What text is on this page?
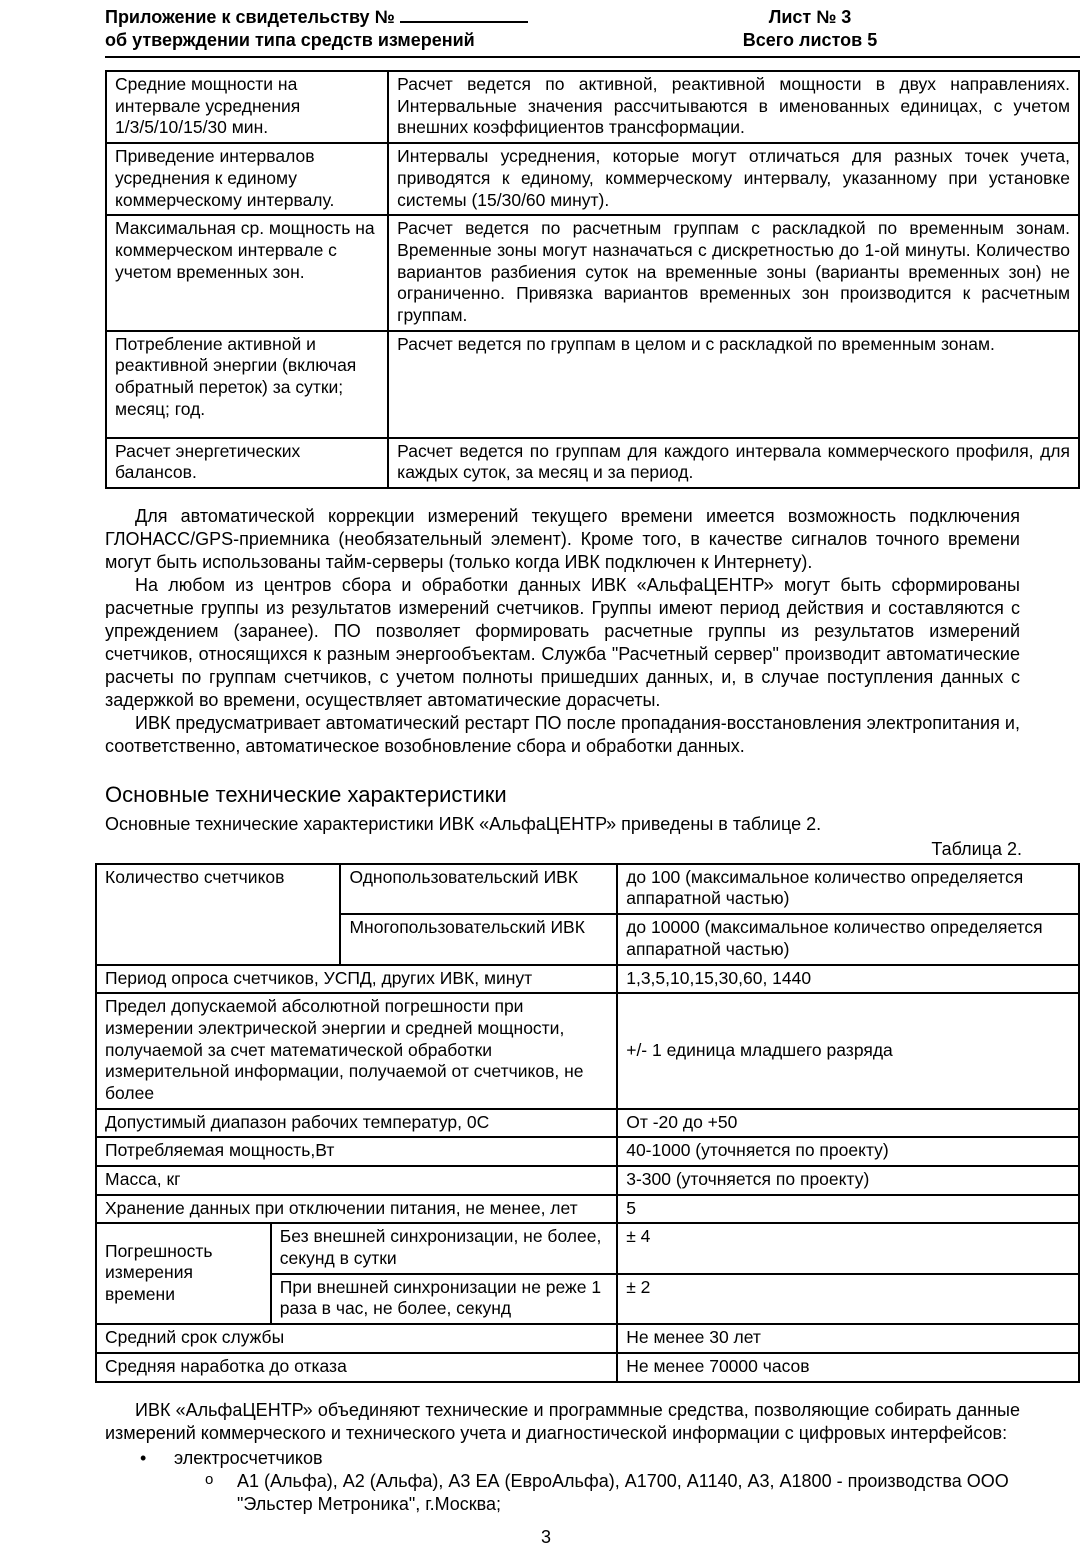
Приложение к свидетельству №
об утверждении типа средств измерений
Лист № 3
Всего листов 5
Средние мощности на интервале усреднения 1/3/5/10/15/30 мин.	Расчет ведется по активной, реактивной мощности в двух направлениях. Интервальные значения рассчитываются в именованных единицах, с учетом внешних коэффициентов трансформации.
Приведение интервалов усреднения к единому коммерческому интервалу.	Интервалы усреднения, которые могут отличаться для разных точек учета, приводятся к единому, коммерческому интервалу, указанному при установке системы (15/30/60 минут).
Максимальная ср. мощность на коммерческом интервале с учетом временных зон.	Расчет ведется по расчетным группам с раскладкой по временным зонам. Временные зоны могут назначаться с дискретностью до 1-ой минуты. Количество вариантов разбиения суток на временные зоны (варианты временных зон) не ограниченно. Привязка вариантов временных зон производится к расчетным группам.
Потребление активной и реактивной энергии (включая обратный переток) за сутки; месяц; год.	Расчет ведется по группам в целом и с раскладкой по временным зонам.
Расчет энергетических балансов.	Расчет ведется по группам для каждого интервала коммерческого профиля, для каждых суток, за месяц и за период.

Для автоматической коррекции измерений текущего времени имеется возможность подключения ГЛОНАСС/GPS-приемника (необязательный элемент). Кроме того, в качестве сигналов точного времени могут быть использованы тайм-серверы (только когда ИВК подключен к Интернету).

На любом из центров сбора и обработки данных ИВК «АльфаЦЕНТР» могут быть сформированы расчетные группы из результатов измерений счетчиков. Группы имеют период действия и составляются с упреждением (заранее). ПО позволяет формировать расчетные группы из результатов измерений счетчиков, относящихся к разным энергообъектам. Служба "Расчетный сервер" производит автоматические расчеты по группам счетчиков, с учетом полноты пришедших данных, и, в случае поступления данных с задержкой во времени, осуществляет автоматические дорасчеты.

ИВК предусматривает автоматический рестарт ПО после пропадания-восстановления электропитания и, соответственно, автоматическое возобновление сбора и обработки данных.

Основные технические характеристики
Основные технические характеристики ИВК «АльфаЦЕНТР» приведены в таблице 2.
Таблица 2.
Количество счетчиков		Однопользовательский ИВК	до 100 (максимальное количество определяется аппаратной частью)
		Многопользовательский ИВК	до 10000 (максимальное количество определяется аппаратной частью)
Период опроса счетчиков, УСПД, других ИВК, минут			1,3,5,10,15,30,60, 1440
Предел допускаемой абсолютной погрешности при измерении электрической энергии и средней мощности, получаемой за счет математической обработки измерительной информации, получаемой от счетчиков, не более			+/- 1 единица младшего разряда
Допустимый диапазон рабочих температур, 0С			От -20 до +50
Потребляемая мощность,Вт			40-1000 (уточняется по проекту)
Масса, кг			3-300 (уточняется по проекту)
Хранение данных при отключении питания, не менее, лет			5
Погрешность измерения времени	Без внешней синхронизации, не более, секунд в сутки		± 4
	При внешней синхронизации не реже 1 раза в час, не более, секунд		± 2
Средний срок службы			Не менее 30 лет
Средняя наработка до отказа			Не менее 70000 часов

ИВК «АльфаЦЕНТР» объединяют технические и программные средства, позволяющие собирать данные измерений коммерческого и технического учета и диагностической информации с цифровых интерфейсов:

•	электросчетчиков
o	А1 (Альфа), А2 (Альфа), А3 ЕА (ЕвроАльфа), А1700, А1140, А3, А1800 - производства ООО "Эльстер Метроника", г.Москва;
3
